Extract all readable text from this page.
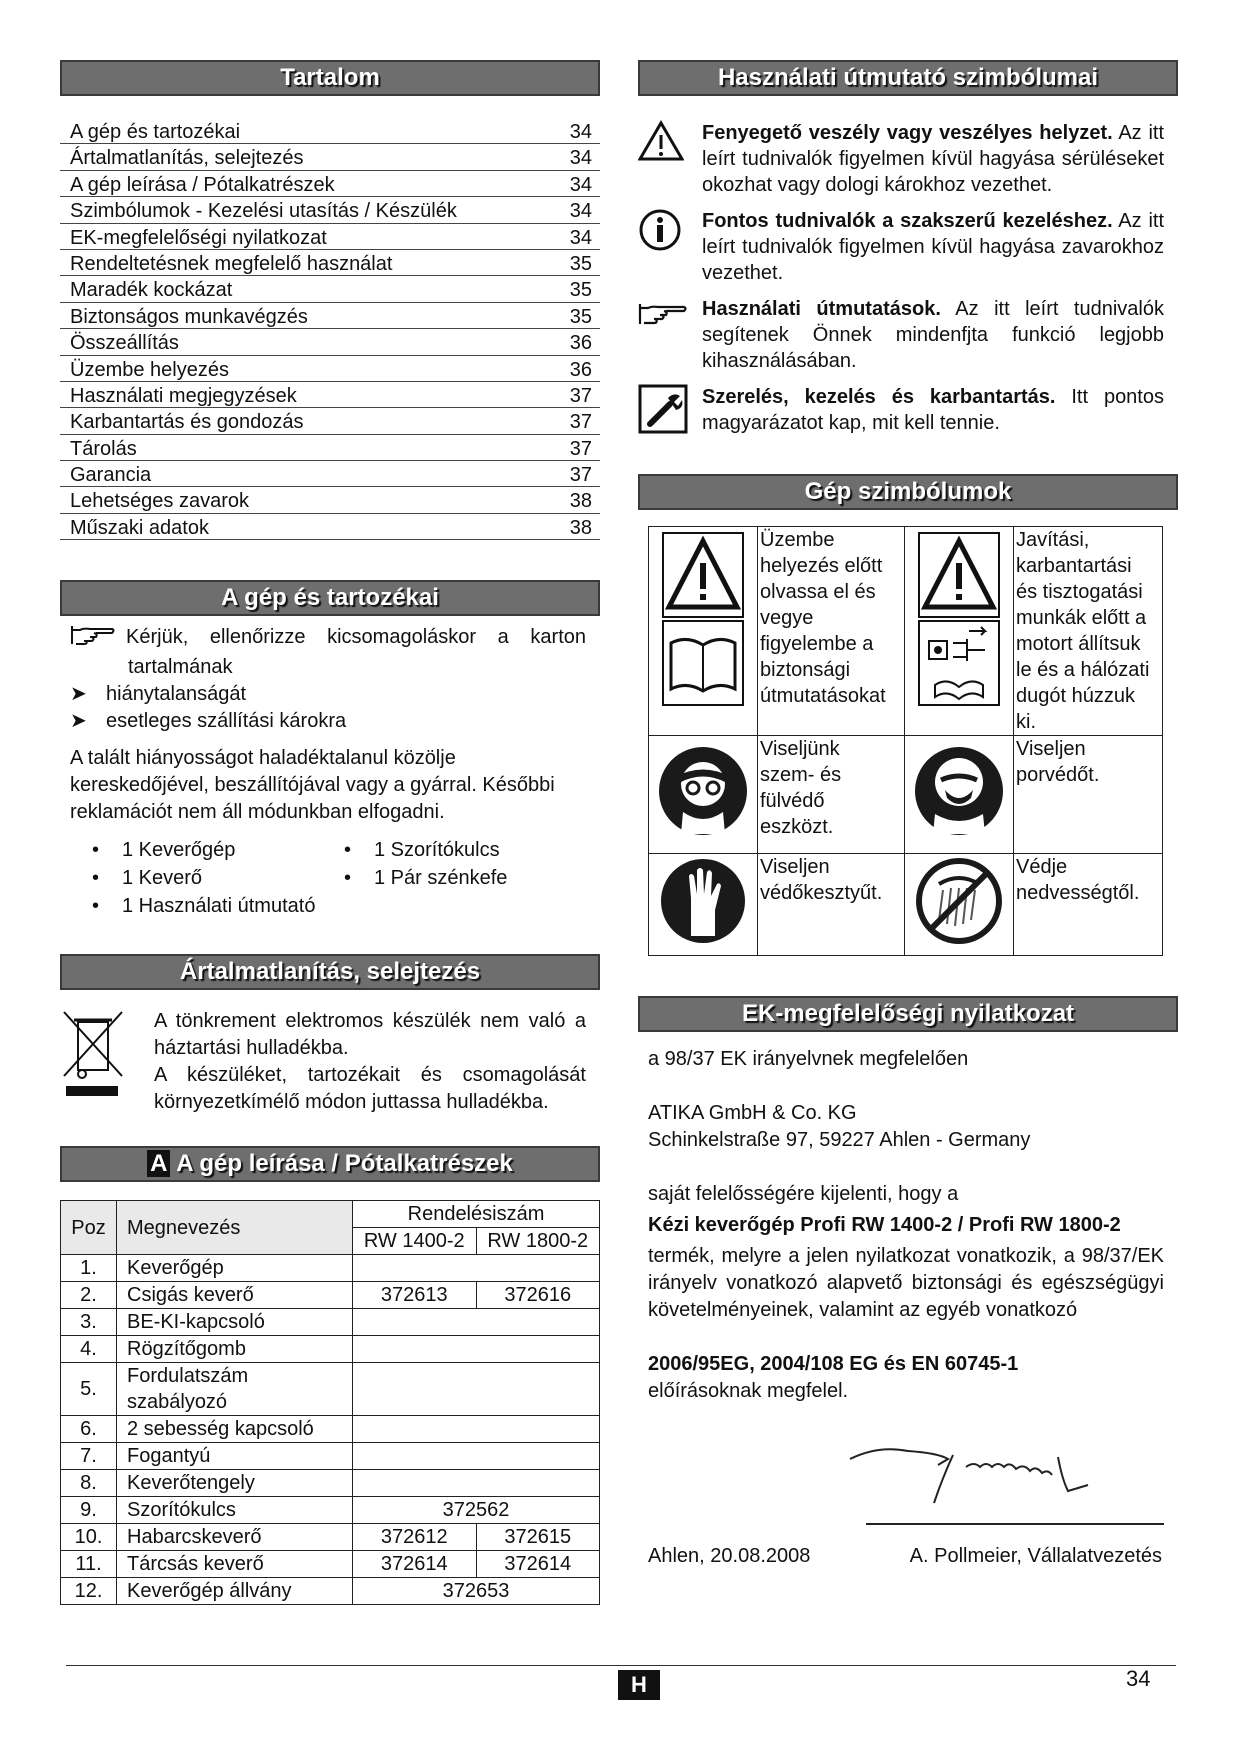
Tartalom
A gép és tartozékai	34
Ártalmatlanítás, selejtezés	34
A gép leírása / Pótalkatrészek	34
Szimbólumok - Kezelési utasítás / Készülék	34
EK-megfelelőségi nyilatkozat	34
Rendeltetésnek megfelelő használat	35
Maradék kockázat	35
Biztonságos munkavégzés	35
Összeállítás	36
Üzembe helyezés	36
Használati megjegyzések	37
Karbantartás és gondozás	37
Tárolás	37
Garancia	37
Lehetséges zavarok	38
Műszaki adatok	38
A gép és tartozékai
Kérjük, ellenőrizze kicsomagoláskor a karton
tartalmának
➤ hiánytalanságát
➤ esetleges szállítási károkra
A talált hiányosságot haladéktalanul közölje kereskedőjével, beszállítójával vagy a gyárral. Későbbi reklamációt nem áll módunkban elfogadni.
• 1 Keverőgép	• 1 Szorítókulcs
• 1 Keverő	• 1 Pár szénkefe
• 1 Használati útmutató
Ártalmatlanítás, selejtezés
A tönkrement elektromos készülék nem való a háztartási hulladékba.
A készüléket, tartozékait és csomagolását környezetkímélő módon juttassa hulladékba.
A A gép leírása / Pótalkatrészek
Poz	Megnevezés	Rendelésiszám	
		RW 1400-2	RW 1800-2
1.	Keverőgép		
2.	Csigás keverő	372613	372616
3.	BE-KI-kapcsoló		
4.	Rögzítőgomb		
5.	Fordulatszám szabályozó		
6.	2 sebesség kapcsoló		
7.	Fogantyú		
8.	Keverőtengely		
9.	Szorítókulcs	372562	
10.	Habarcskeverő	372612	372615
11.	Tárcsás keverő	372614	372614
12.	Keverőgép állvány	372653	
Használati útmutató szimbólumai
Fenyegető veszély vagy veszélyes helyzet. Az itt leírt tudnivalók figyelmen kívül hagyása sérüléseket okozhat vagy dologi károkhoz vezethet.
Fontos tudnivalók a szakszerű kezeléshez. Az itt leírt tudnivalók figyelmen kívül hagyása zavarokhoz vezethet.
Használati útmutatások. Az itt leírt tudnivalók segítenek Önnek mindenfjta funkció legjobb kihasználásában.
Szerelés, kezelés és karbantartás. Itt pontos magyarázatot kap, mit kell tennie.
Gép szimbólumok
	Üzembe helyezés előtt olvassa el és vegye figyelembe a biztonsági útmutatásokat		Javítási, karbantartási és tisztogatási munkák előtt a motort állítsuk le és a hálózati dugót húzzuk ki.
	Viseljünk szem- és fülvédő eszközt.		Viseljen porvédőt.
	Viseljen védőkesztyűt.		Védje nedvességtől.
EK-megfelelőségi nyilatkozat
a 98/37 EK irányelvnek megfelelően
ATIKA GmbH & Co. KG
Schinkelstraße 97, 59227 Ahlen - Germany
saját felelősségére kijelenti, hogy a
Kézi keverőgép Profi RW 1400-2 / Profi RW 1800-2
termék, melyre a jelen nyilatkozat vonatkozik, a 98/37/EK irányelv vonatkozó alapvető biztonsági és egészségügyi követelményeinek, valamint az egyéb vonatkozó
2006/95EG, 2004/108 EG és EN 60745-1
előírásoknak megfelel.
Ahlen, 20.08.2008	A. Pollmeier, Vállalatvezetés
H	34
